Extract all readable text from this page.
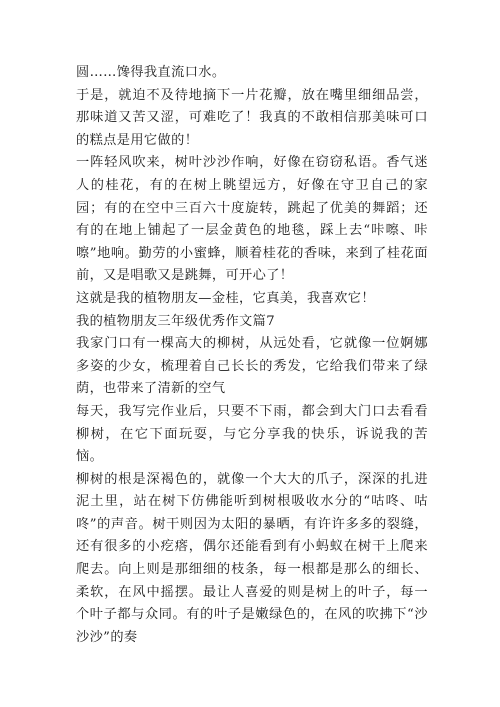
圆……馋得我直流口水。

于是，就迫不及待地摘下一片花瓣，放在嘴里细细品尝，那味道又苦又涩，可难吃了！我真的不敢相信那美味可口的糕点是用它做的！

一阵轻风吹来，树叶沙沙作响，好像在窃窃私语。香气迷人的桂花，有的在树上眺望远方，好像在守卫自己的家园；有的在空中三百六十度旋转，跳起了优美的舞蹈；还有的在地上铺起了一层金黄色的地毯，踩上去“咔嚓、咔嚓”地响。勤劳的小蜜蜂，顺着桂花的香味，来到了桂花面前，又是唱歌又是跳舞，可开心了！

这就是我的植物朋友—金桂，它真美，我喜欢它！

我的植物朋友三年级优秀作文篇7

我家门口有一棵高大的柳树，从远处看，它就像一位婀娜多姿的少女，梳理着自己长长的秀发，它给我们带来了绿荫，也带来了清新的空气

每天，我写完作业后，只要不下雨，都会到大门口去看看柳树，在它下面玩耍，与它分享我的快乐，诉说我的苦恼。

柳树的根是深褐色的，就像一个大大的爪子，深深的扎进泥土里，站在树下仿佛能听到树根吸收水分的“咕咚、咕咚”的声音。树干则因为太阳的暴晒，有许许多多的裂缝，还有很多的小疙瘩，偶尔还能看到有小蚂蚁在树干上爬来爬去。向上则是那细细的枝条，每一根都是那么的细长、柔软，在风中摇摆。最让人喜爱的则是树上的叶子，每一个叶子都与众同。有的叶子是嫩绿色的，在风的吹拂下“沙沙沙”的奏
